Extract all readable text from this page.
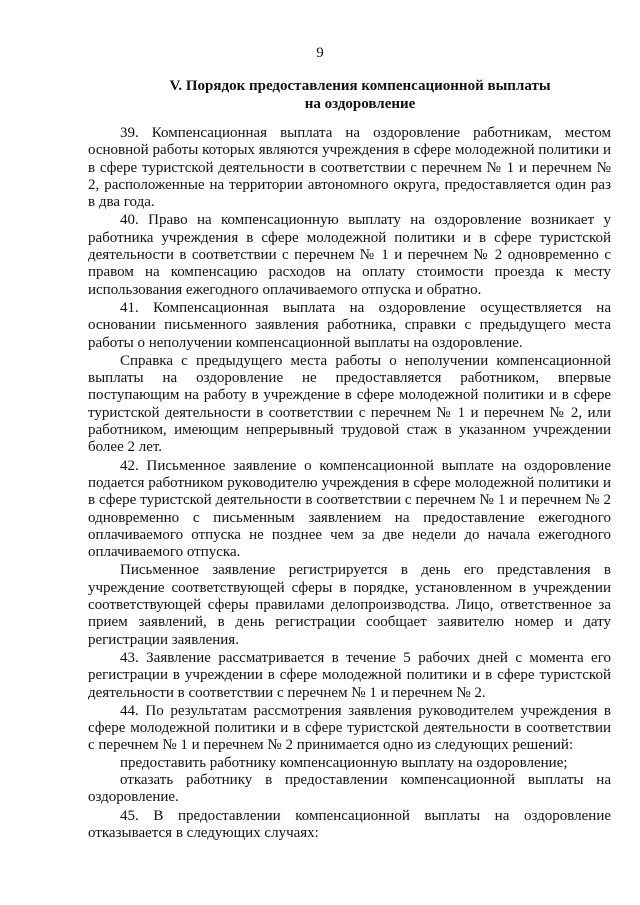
9
V. Порядок предоставления компенсационной выплаты
на оздоровление

39. Компенсационная выплата на оздоровление работникам, местом основной работы которых являются учреждения в сфере молодежной политики и в сфере туристской деятельности в соответствии с перечнем № 1 и перечнем № 2, расположенные на территории автономного округа, предоставляется один раз в два года.

40. Право на компенсационную выплату на оздоровление возникает у работника учреждения в сфере молодежной политики и в сфере туристской деятельности в соответствии с перечнем № 1 и перечнем № 2 одновременно с правом на компенсацию расходов на оплату стоимости проезда к месту использования ежегодного оплачиваемого отпуска и обратно.

41. Компенсационная выплата на оздоровление осуществляется на основании письменного заявления работника, справки с предыдущего места работы о неполучении компенсационной выплаты на оздоровление.

Справка с предыдущего места работы о неполучении компенсационной выплаты на оздоровление не предоставляется работником, впервые поступающим на работу в учреждение в сфере молодежной политики и в сфере туристской деятельности в соответствии с перечнем № 1 и перечнем № 2, или работником, имеющим непрерывный трудовой стаж в указанном учреждении более 2 лет.

42. Письменное заявление о компенсационной выплате на оздоровление подается работником руководителю учреждения в сфере молодежной политики и в сфере туристской деятельности в соответствии с перечнем № 1 и перечнем № 2 одновременно с письменным заявлением на предоставление ежегодного оплачиваемого отпуска не позднее чем за две недели до начала ежегодного оплачиваемого отпуска.

Письменное заявление регистрируется в день его представления в учреждение соответствующей сферы в порядке, установленном в учреждении соответствующей сферы правилами делопроизводства. Лицо, ответственное за прием заявлений, в день регистрации сообщает заявителю номер и дату регистрации заявления.

43. Заявление рассматривается в течение 5 рабочих дней с момента его регистрации в учреждении в сфере молодежной политики и в сфере туристской деятельности в соответствии с перечнем № 1 и перечнем № 2.

44. По результатам рассмотрения заявления руководителем учреждения в сфере молодежной политики и в сфере туристской деятельности в соответствии с перечнем № 1 и перечнем № 2 принимается одно из следующих решений:

предоставить работнику компенсационную выплату на оздоровление;

отказать работнику в предоставлении компенсационной выплаты на оздоровление.

45. В предоставлении компенсационной выплаты на оздоровление отказывается в следующих случаях:
